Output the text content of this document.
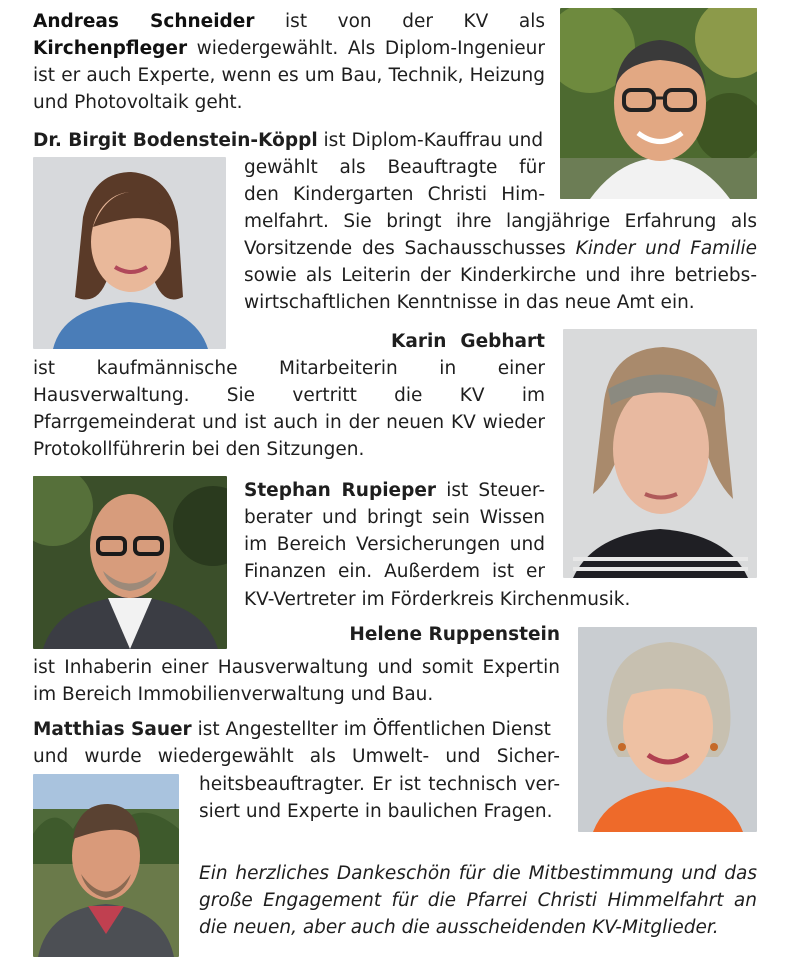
Andreas Schneider ist von der KV als Kirchenpfleger wiedergewählt. Als Diplom-Ingenieur ist er auch Experte, wenn es um Bau, Technik, Heizung und Photovoltaik geht.

Dr. Birgit Bodenstein-Köppl ist Diplom-Kauffrau und
gewählt als Beauftragte für
den Kindergarten Christi Him-
melfahrt. Sie bringt ihre langjährige Erfahrung als
Vorsitzende des Sachausschusses Kinder und Familie
sowie als Leiterin der Kinderkirche und ihre betriebs-
wirtschaftlichen Kenntnisse in das neue Amt ein.
Karin Gebhart

ist kaufmännische Mitarbeiterin in einer Hausverwaltung. Sie vertritt die KV im Pfarrgemeinderat und ist auch in der neuen KV wieder Protokollführerin bei den Sitzungen.

Stephan Rupieper ist Steuer-
berater und bringt sein Wissen
im Bereich Versicherungen und
Finanzen ein. Außerdem ist er
KV-Vertreter im Förderkreis Kirchenmusik.
Helene Ruppenstein

ist Inhaberin einer Hausverwaltung und somit Expertin im Bereich Immobilienverwaltung und Bau.

Matthias Sauer ist Angestellter im Öffentlichen Dienst
und wurde wiedergewählt als Umwelt- und Sicher-
heitsbeauftragter. Er ist technisch ver-
siert und Experte in baulichen Fragen.

Ein herzliches Dankeschön für die Mitbestimmung und das große Engagement für die Pfarrei Christi Himmelfahrt an die neuen, aber auch die ausscheidenden KV-Mitglieder.
